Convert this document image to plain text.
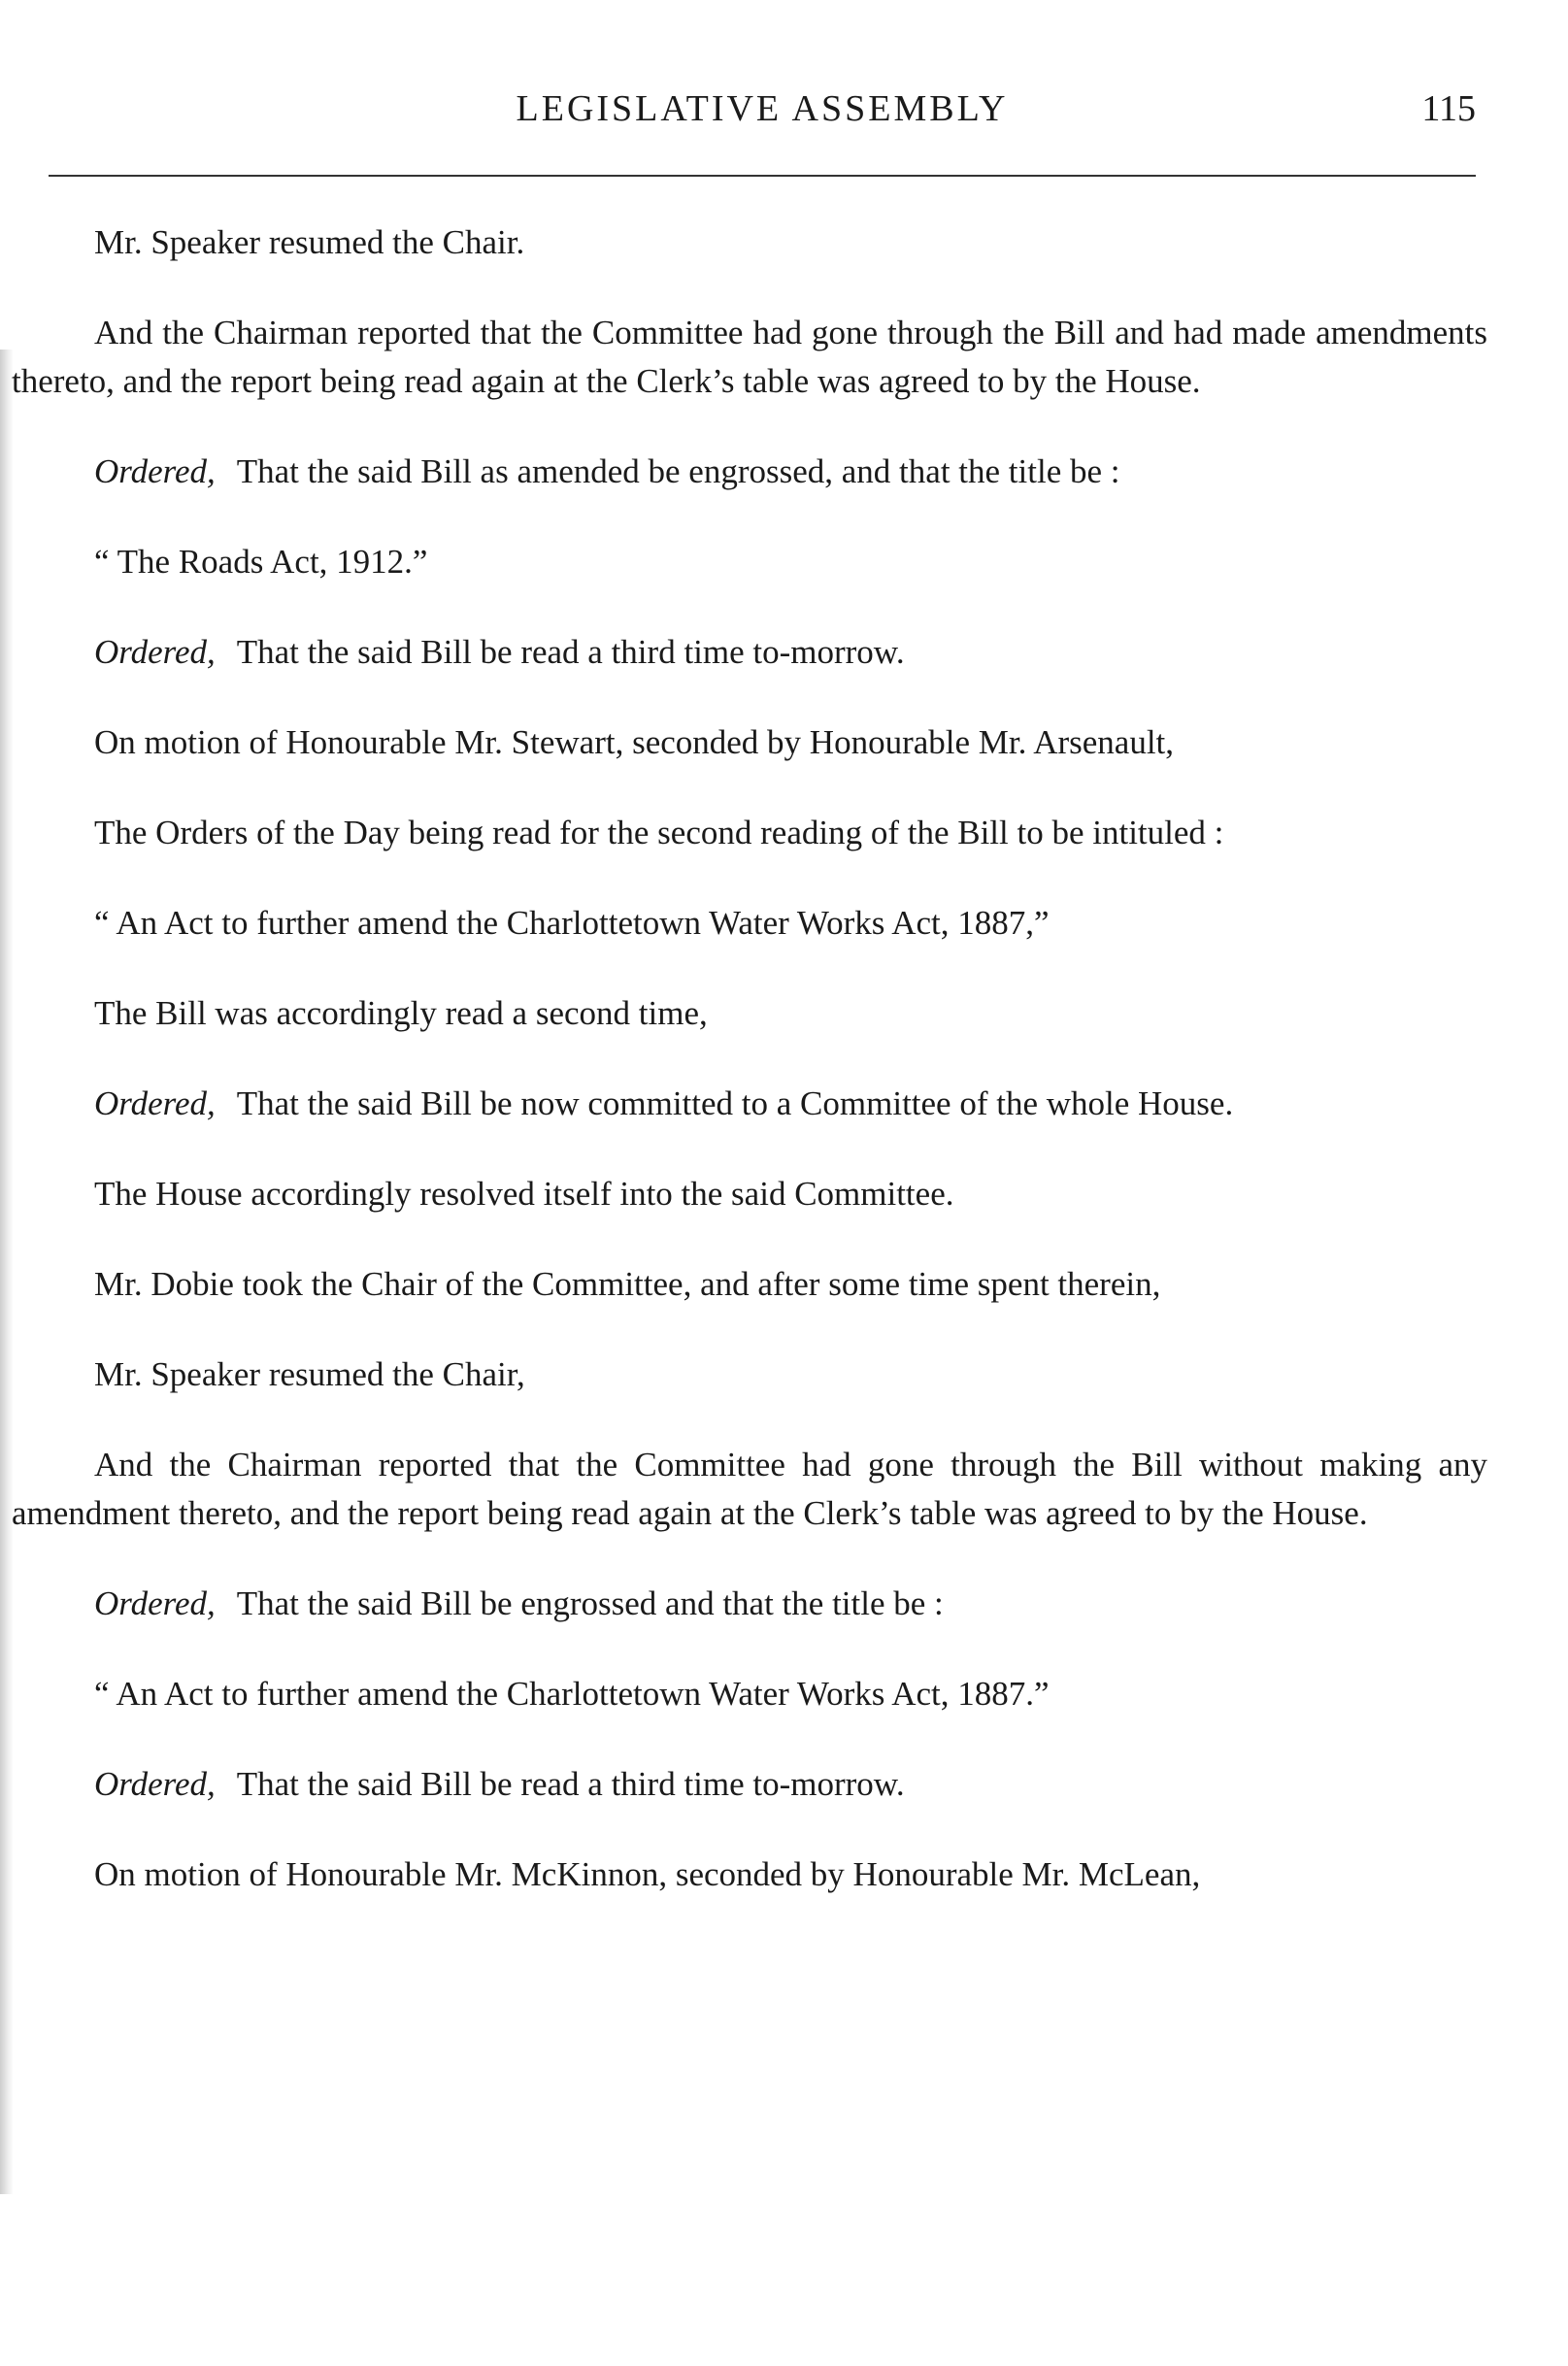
LEGISLATIVE ASSEMBLY	115

Mr. Speaker resumed the Chair.

And the Chairman reported that the Committee had gone through the Bill and had made amendments thereto, and the report being read again at the Clerk’s table was agreed to by the House.

Ordered, That the said Bill as amended be engrossed, and that the title be :

“ The Roads Act, 1912.”

Ordered, That the said Bill be read a third time to-morrow.

On motion of Honourable Mr. Stewart, seconded by Honourable Mr. Arsenault,

The Orders of the Day being read for the second reading of the Bill to be intituled :

“ An Act to further amend the Charlottetown Water Works Act, 1887,”

The Bill was accordingly read a second time,

Ordered, That the said Bill be now committed to a Committee of the whole House.

The House accordingly resolved itself into the said Committee.

Mr. Dobie took the Chair of the Committee, and after some time spent therein,

Mr. Speaker resumed the Chair,

And the Chairman reported that the Committee had gone through the Bill without making any amendment thereto, and the report being read again at the Clerk’s table was agreed to by the House.

Ordered, That the said Bill be engrossed and that the title be :

“ An Act to further amend the Charlottetown Water Works Act, 1887.”

Ordered, That the said Bill be read a third time to-morrow.

On motion of Honourable Mr. McKinnon, seconded by Honourable Mr. McLean,
